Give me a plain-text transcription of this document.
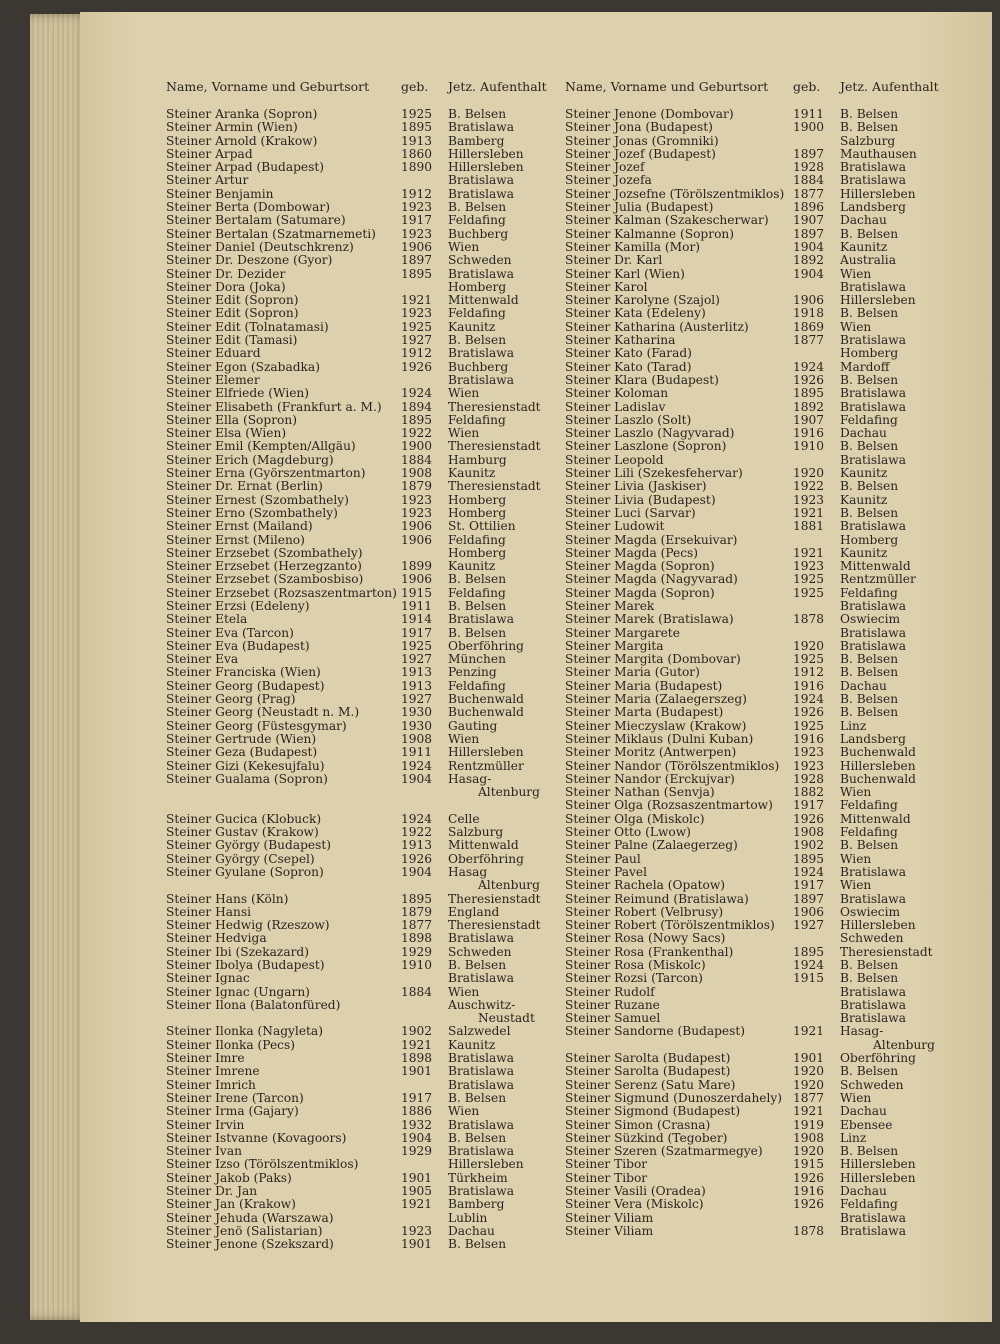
Name, Vorname und Geburtsort	geb. Jetz. Aufenthalt
Steiner Aranka (Sopron)	1925 B. Belsen
Steiner Armin (Wien)	1895 Bratislawa
Steiner Arnold (Krakow)	1913 Bamberg
Steiner Arpad	1860 Hillersleben
Steiner Arpad (Budapest)	1890 Hillersleben
Steiner Artur	Bratislawa
Steiner Benjamin	1912 Bratislawa
Steiner Berta (Dombowar)	1923 B. Belsen
Steiner Bertalam (Satumare)	1917 Feldafing
Steiner Bertalan (Szatmarnemeti) 1923 Buchberg
Steiner Daniel (Deutschkrenz)	1906 Wien
Steiner Dr. Deszone (Gyor)	1897 Schweden
Steiner Dr. Dezider	1895 Bratislawa
Steiner Dora (Joka)	Homberg
Steiner Edit (Sopron)	1921 Mittenwald
Steiner Edit (Sopron)	1923 Feldafing
Steiner Edit (Tolnatamasi)	1925 Kaunitz
Steiner Edit (Tamasi)	1927 B. Belsen
Steiner Eduard	1912 Bratislawa
Steiner Egon (Szabadka)	1926 Buchberg
Steiner Elemer	Bratislawa
Steiner Elfriede (Wien)	1924 Wien
Steiner Elisabeth (Frankfurt a. M.) 1894 Theresienstadt
Steiner Ella (Sopron)	1895 Feldafing
Steiner Elsa (Wien)	1922 Wien
Steiner Emil (Kempten/Allgäu)	1900 Theresienstadt
Steiner Erich (Magdeburg)	1884 Hamburg
Steiner Erna (Györszentmarton)	1908 Kaunitz
Steiner Dr. Ernat (Berlin)	1879 Theresienstadt
Steiner Ernest (Szombathely)	1923 Homberg
Steiner Erno (Szombathely)	1923 Homberg
Steiner Ernst (Mailand)	1906 St. Ottilien
Steiner Ernst (Mileno)	1906 Feldafing
Steiner Erzsebet (Szombathely)	Homberg
Steiner Erzsebet (Herzegzanto)	1899 Kaunitz
Steiner Erzsebet (Szambosbiso)	1906 B. Belsen
Steiner Erzsebet (Rozsaszentmarton) 1915 Feldafing
Steiner Erzsi (Edeleny)	1911 B. Belsen
Steiner Etela	1914 Bratislawa
Steiner Eva (Tarcon)	1917 B. Belsen
Steiner Eva (Budapest)	1925 Oberföhring
Steiner Eva	1927 München
Steiner Franciska (Wien)	1913 Penzing
Steiner Georg (Budapest)	1913 Feldafing
Steiner Georg (Prag)	1927 Buchenwald
Steiner Georg (Neustadt n. M.)	1930 Buchenwald
Steiner Georg (Füstesgymar)	1930 Gauting
Steiner Gertrude (Wien)	1908 Wien
Steiner Geza (Budapest)	1911 Hillersleben
Steiner Gizi (Kekesujfalu)	1924 Rentzmüller
Steiner Gualama (Sopron)	1904 Hasag-
Altenburg
Steiner Gucica (Klobuck)	1924 Celle
Steiner Gustav (Krakow)	1922 Salzburg
Steiner György (Budapest)	1913 Mittenwald
Steiner György (Csepel)	1926 Oberföhring
Steiner Gyulane (Sopron)	1904 Hasag
Altenburg
Steiner Hans (Köln)	1895 Theresienstadt
Steiner Hansi	1879 England
Steiner Hedwig (Rzeszow)	1877 Theresienstadt
Steiner Hedviga	1898 Bratislawa
Steiner Ibi (Szekazard)	1929 Schweden
Steiner Ibolya (Budapest)	1910 B. Belsen
Steiner Ignac	Bratislawa
Steiner Ignac (Ungarn)	1884 Wien
Steiner Ilona (Balatonfüred)	Auschwitz-
Neustadt
Steiner Ilonka (Nagyleta)	1902 Salzwedel
Steiner Ilonka (Pecs)	1921 Kaunitz
Steiner Imre	1898 Bratislawa
Steiner Imrene	1901 Bratislawa
Steiner Imrich	Bratislawa
Steiner Irene (Tarcon)	1917 B. Belsen
Steiner Irma (Gajary)	1886 Wien
Steiner Irvin	1932 Bratislawa
Steiner Istvanne (Kovagoors)	1904 B. Belsen
Steiner Ivan	1929 Bratislawa
Steiner Izso (Törölszentmiklos)	Hillersleben
Steiner Jakob (Paks)	1901 Türkheim
Steiner Dr. Jan	1905 Bratislawa
Steiner Jan (Krakow)	1921 Bamberg
Steiner Jehuda (Warszawa)	Lublin
Steiner Jenö (Salistarian)	1923 Dachau
Steiner Jenone (Szekszard)	1901 B. Belsen
Name, Vorname und Geburtsort geb. Jetz. Aufenthalt
Steiner Jenone (Dombovar)	1911 B. Belsen
Steiner Jona (Budapest)	1900 B. Belsen
Steiner Jonas (Gromniki)	Salzburg
Steiner Jozef (Budapest)	1897 Mauthausen
Steiner Jozef	1928 Bratislawa
Steiner Jozefa	1884 Bratislawa
Steiner Jozsefne (Törölszentmiklos) 1877 Hillersleben
Steiner Julia (Budapest)	1896 Landsberg
Steiner Kalman (Szakescherwar) 1907 Dachau
Steiner Kalmanne (Sopron)	1897 B. Belsen
Steiner Kamilla (Mor)	1904 Kaunitz
Steiner Dr. Karl	1892 Australia
Steiner Karl (Wien)	1904 Wien
Steiner Karol	Bratislawa
Steiner Karolyne (Szajol)	1906 Hillersleben
Steiner Kata (Edeleny)	1918 B. Belsen
Steiner Katharina (Austerlitz)	1869 Wien
Steiner Katharina	1877 Bratislawa
Steiner Kato (Farad)	Homberg
Steiner Kato (Tarad)	1924 Mardoff
Steiner Klara (Budapest)	1926 B. Belsen
Steiner Koloman	1895 Bratislawa
Steiner Ladislav	1892 Bratislawa
Steiner Laszlo (Solt)	1907 Feldafing
Steiner Laszlo (Nagyvarad)	1916 Dachau
Steiner Laszlone (Sopron)	1910 B. Belsen
Steiner Leopold	Bratislawa
Steiner Lili (Szekesfehervar)	1920 Kaunitz
Steiner Livia (Jaskiser)	1922 B. Belsen
Steiner Livia (Budapest)	1923 Kaunitz
Steiner Luci (Sarvar)	1921 B. Belsen
Steiner Ludowit	1881 Bratislawa
Steiner Magda (Ersekuivar)	Homberg
Steiner Magda (Pecs)	1921 Kaunitz
Steiner Magda (Sopron)	1923 Mittenwald
Steiner Magda (Nagyvarad)	1925 Rentzmüller
Steiner Magda (Sopron)	1925 Feldafing
Steiner Marek	Bratislawa
Steiner Marek (Bratislawa)	1878 Oswiecim
Steiner Margarete	Bratislawa
Steiner Margita	1920 Bratislawa
Steiner Margita (Dombovar)	1925 B. Belsen
Steiner Maria (Gutor)	1912 B. Belsen
Steiner Maria (Budapest)	1916 Dachau
Steiner Maria (Zalaegerszeg)	1924 B. Belsen
Steiner Marta (Budapest)	1926 B. Belsen
Steiner Mieczyslaw (Krakow)	1925 Linz
Steiner Miklaus (Dulni Kuban)	1916 Landsberg
Steiner Moritz (Antwerpen)	1923 Buchenwald
Steiner Nandor (Törölszentmiklos) 1923 Hillersleben
Steiner Nandor (Erckujvar)	1928 Buchenwald
Steiner Nathan (Senvja)	1882 Wien
Steiner Olga (Rozsaszentmartow) 1917 Feldafing
Steiner Olga (Miskolc)	1926 Mittenwald
Steiner Otto (Lwow)	1908 Feldafing
Steiner Palne (Zalaegerzeg)	1902 B. Belsen
Steiner Paul	1895 Wien
Steiner Pavel	1924 Bratislawa
Steiner Rachela (Opatow)	1917 Wien
Steiner Reimund (Bratislawa)	1897 Bratislawa
Steiner Robert (Velbrusy)	1906 Oswiecim
Steiner Robert (Törölszentmiklos) 1927 Hillersleben
Steiner Rosa (Nowy Sacs)	Schweden
Steiner Rosa (Frankenthal)	1895 Theresienstadt
Steiner Rosa (Miskolc)	1924 B. Belsen
Steiner Rozsi (Tarcon)	1915 B. Belsen
Steiner Rudolf	Bratislawa
Steiner Ruzane	Bratislawa
Steiner Samuel	Bratislawa
Steiner Sandorne (Budapest)	1921 Hasag-
Altenburg
Steiner Sarolta (Budapest)	1901 Oberföhring
Steiner Sarolta (Budapest)	1920 B. Belsen
Steiner Serenz (Satu Mare)	1920 Schweden
Steiner Sigmund (Dunoszerdahely) 1877 Wien
Steiner Sigmond (Budapest)	1921 Dachau
Steiner Simon (Crasna)	1919 Ebensee
Steiner Süzkind (Tegober)	1908 Linz
Steiner Szeren (Szatmarmegye) 1920 B. Belsen
Steiner Tibor	1915 Hillersleben
Steiner Tibor	1926 Hillersleben
Steiner Vasili (Oradea)	1916 Dachau
Steiner Vera (Miskolc)	1926 Feldafing
Steiner Viliam	Bratislawa
Steiner Viliam	1878 Bratislawa
